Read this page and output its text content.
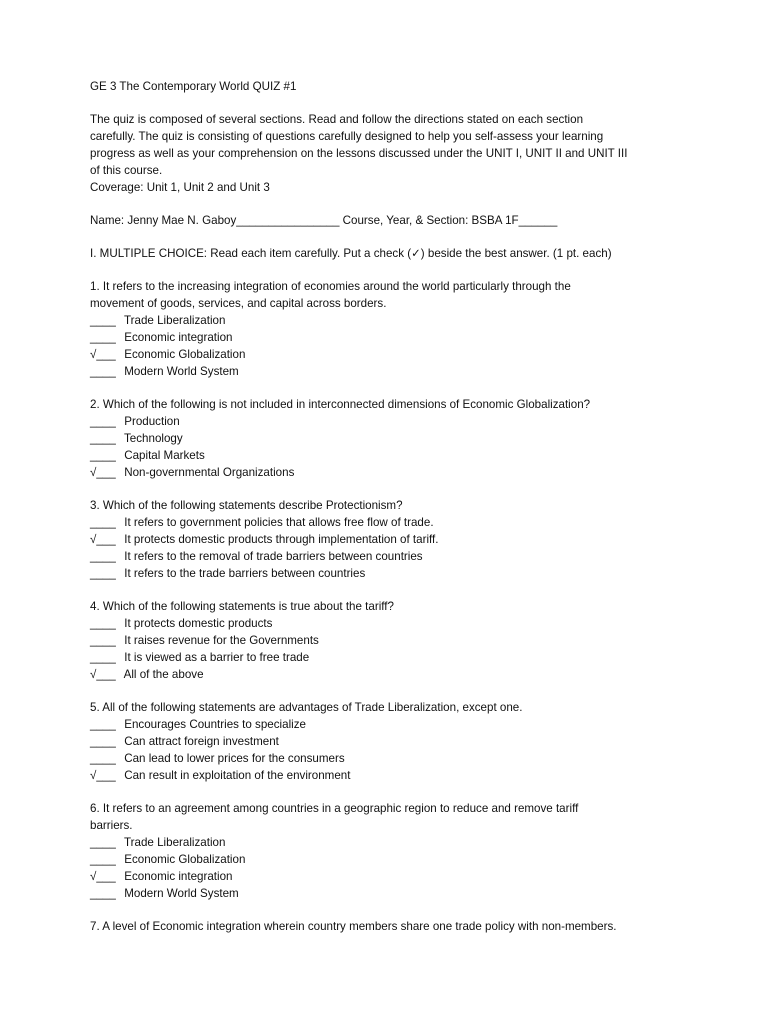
GE 3 The Contemporary World QUIZ #1
The quiz is composed of several sections. Read and follow the directions stated on each section
carefully. The quiz is consisting of questions carefully designed to help you self-assess your learning
progress as well as your comprehension on the lessons discussed under the UNIT I, UNIT II and UNIT III
of this course.
Coverage: Unit 1, Unit 2 and Unit 3
Name: Jenny Mae N. Gaboy________________ Course, Year, & Section: BSBA 1F______
I. MULTIPLE CHOICE: Read each item carefully. Put a check (✓) beside the best answer. (1 pt. each)
1. It refers to the increasing integration of economies around the world particularly through the
movement of goods, services, and capital across borders.
____ Trade Liberalization
____ Economic integration
√___ Economic Globalization
____ Modern World System
2. Which of the following is not included in interconnected dimensions of Economic Globalization?
____ Production
____ Technology
____ Capital Markets
√___ Non-governmental Organizations
3. Which of the following statements describe Protectionism?
____ It refers to government policies that allows free flow of trade.
√___ It protects domestic products through implementation of tariff.
____ It refers to the removal of trade barriers between countries
____ It refers to the trade barriers between countries
4. Which of the following statements is true about the tariff?
____ It protects domestic products
____ It raises revenue for the Governments
____ It is viewed as a barrier to free trade
√___ All of the above
5. All of the following statements are advantages of Trade Liberalization, except one.
____ Encourages Countries to specialize
____ Can attract foreign investment
____ Can lead to lower prices for the consumers
√___ Can result in exploitation of the environment
6. It refers to an agreement among countries in a geographic region to reduce and remove tariff
barriers.
____ Trade Liberalization
____ Economic Globalization
√___ Economic integration
____ Modern World System
7. A level of Economic integration wherein country members share one trade policy with non-members.
